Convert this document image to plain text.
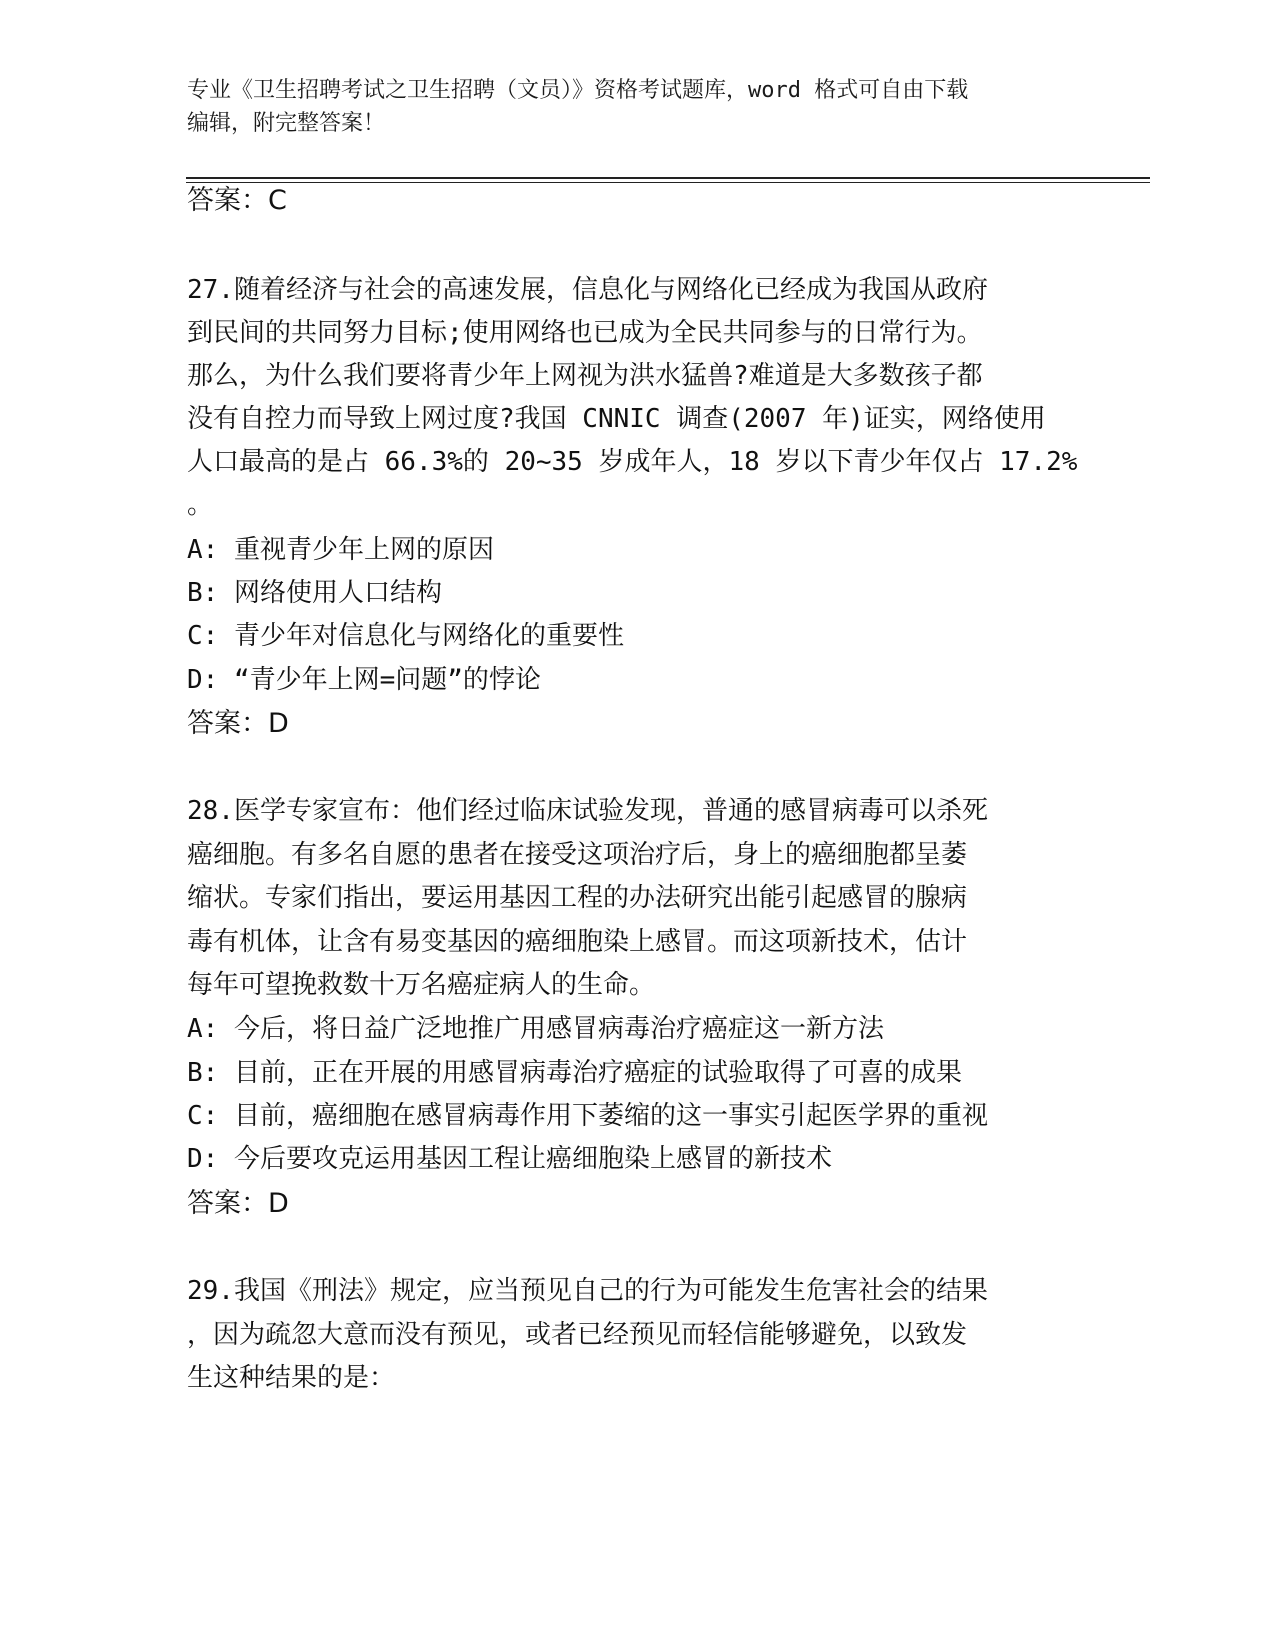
专业《卫生招聘考试之卫生招聘（文员）》资格考试题库，word 格式可自由下载
编辑，附完整答案！
答案：C
27.随着经济与社会的高速发展，信息化与网络化已经成为我国从政府
到民间的共同努力目标;使用网络也已成为全民共同参与的日常行为。
那么，为什么我们要将青少年上网视为洪水猛兽?难道是大多数孩子都
没有自控力而导致上网过度?我国 CNNIC 调查(2007 年)证实，网络使用
人口最高的是占 66.3%的 20~35 岁成年人，18 岁以下青少年仅占 17.2%
。
A: 重视青少年上网的原因
B: 网络使用人口结构
C: 青少年对信息化与网络化的重要性
D: “青少年上网=问题”的悖论
答案：D
28.医学专家宣布：他们经过临床试验发现，普通的感冒病毒可以杀死
癌细胞。有多名自愿的患者在接受这项治疗后，身上的癌细胞都呈萎
缩状。专家们指出，要运用基因工程的办法研究出能引起感冒的腺病
毒有机体，让含有易变基因的癌细胞染上感冒。而这项新技术，估计
每年可望挽救数十万名癌症病人的生命。
A: 今后，将日益广泛地推广用感冒病毒治疗癌症这一新方法
B: 目前，正在开展的用感冒病毒治疗癌症的试验取得了可喜的成果
C: 目前，癌细胞在感冒病毒作用下萎缩的这一事实引起医学界的重视
D: 今后要攻克运用基因工程让癌细胞染上感冒的新技术
答案：D
29.我国《刑法》规定，应当预见自己的行为可能发生危害社会的结果
，因为疏忽大意而没有预见，或者已经预见而轻信能够避免，以致发
生这种结果的是：
